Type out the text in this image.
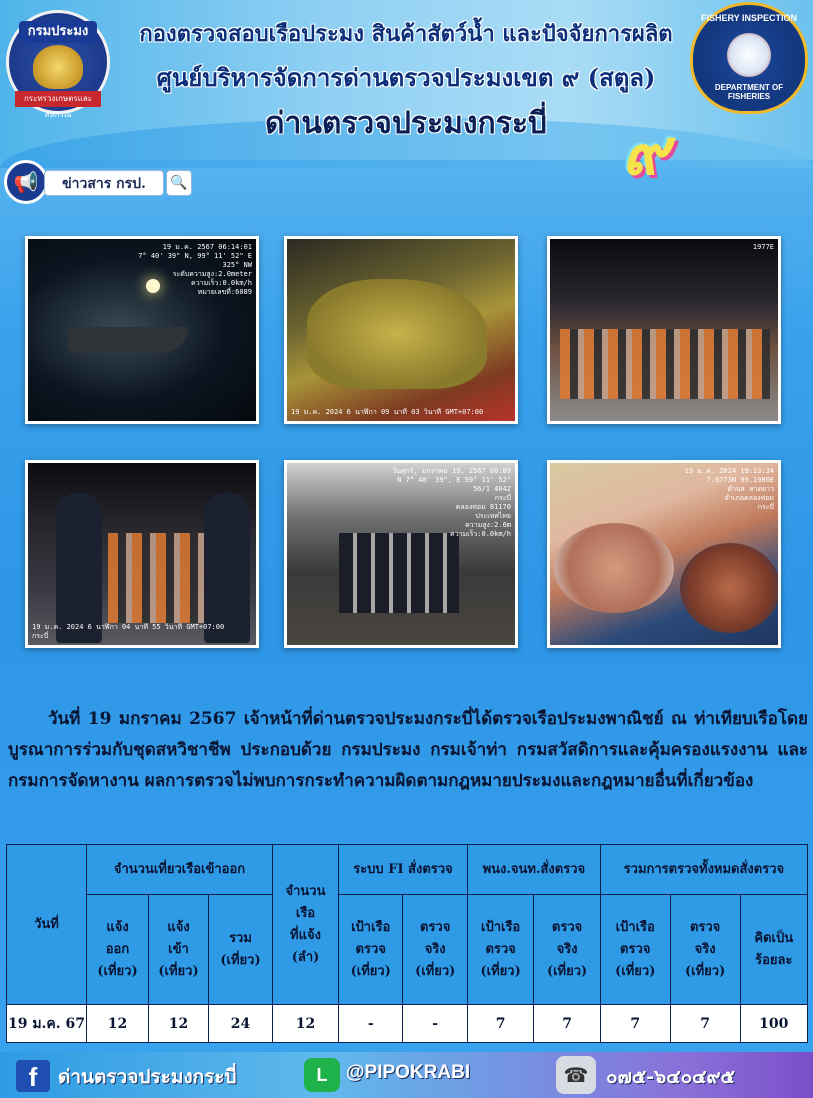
กรมประมง
กระทรวงเกษตรและสหกรณ์
กองตรวจสอบเรือประมง สินค้าสัตว์น้ำ และปัจจัยการผลิต
ศูนย์บริหารจัดการด่านตรวจประมงเขต ๙ (สตูล)
ด่านตรวจประมงกระบี่
FISHERY INSPECTION
DEPARTMENT OF FISHERIES
๙
📢	ข่าวสาร กรป.	🔍
19 ม.ค. 2567 06:14:01
7° 40' 39" N, 99° 11' 52" E
325° NW
ระดับความสูง:2.0meter
ความเร็ว:0.0km/h
หมายเลขที่:6089
19 ม.ค. 2024 6 นาฬิกา 09 นาที 03 วินาที GMT+07:00
1977E
19 ม.ค. 2024 6 นาฬิกา 04 นาที 55 วินาที GMT+07:00
กระบี่
วันศุกร์, มกราคม 19, 2567 06:09
N 7° 40' 39", E 99° 11' 52"
56/1 4042
กระบี่
คลองท่อม 81170
ประเทศไทย
ความสูง:2.6m
ความเร็ว:0.0km/h
19 ม.ค. 2024 19:13:34
7.6773N 99.1980E
ตำบล หาดยาว
อำเภอคลองท่อม
กระบี่

วันที่ 19 มกราคม 2567 เจ้าหน้าที่ด่านตรวจประมงกระบี่ได้ตรวจเรือประมงพาณิชย์ ณ ท่าเทียบเรือโดยบูรณาการร่วมกับชุดสหวิชาชีพ ประกอบด้วย กรมประมง กรมเจ้าท่า กรมสวัสดิการและคุ้มครองแรงงาน และกรมการจัดหางาน ผลการตรวจไม่พบการกระทำความผิดตามกฎหมายประมงและกฎหมายอื่นที่เกี่ยวข้อง

วันที่	จำนวนเที่ยวเรือเข้าออก			จำนวน
เรือ
ที่แจ้ง
(ลำ)	ระบบ FI สั่งตรวจ		พนง.จนท.สั่งตรวจ		รวมการตรวจทั้งหมดสั่งตรวจ		
	แจ้ง
ออก
(เที่ยว)	แจ้ง
เข้า
(เที่ยว)	รวม
(เที่ยว)		เป้าเรือ
ตรวจ
(เที่ยว)	ตรวจ
จริง
(เที่ยว)	เป้าเรือ
ตรวจ
(เที่ยว)	ตรวจ
จริง
(เที่ยว)	เป้าเรือ
ตรวจ
(เที่ยว)	ตรวจ
จริง
(เที่ยว)	คิดเป็น
ร้อยละ
19 ม.ค. 67	12	12	24	12	-	-	7	7	7	7	100
f	ด่านตรวจประมงกระบี่	L @PIPOKRABI	☎ ๐๗๕-๖๔๐๔๙๕
